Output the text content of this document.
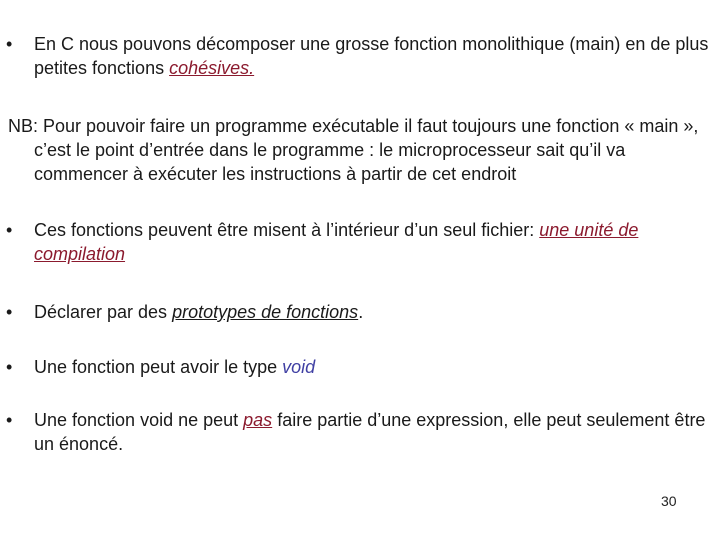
• En C nous pouvons décomposer une grosse fonction monolithique (main) en de plus petites fonctions cohésives.
NB: Pour pouvoir faire un programme exécutable il faut toujours une fonction « main », c’est le point d’entrée dans le programme : le microprocesseur sait qu’il va commencer à exécuter les instructions à partir de cet endroit
• Ces fonctions peuvent être misent à l’intérieur d’un seul fichier: une unité de compilation
• Déclarer par des prototypes de fonctions.
• Une fonction peut avoir le type void
• Une fonction void ne peut pas faire partie d’une expression, elle peut seulement être un énoncé.
30
